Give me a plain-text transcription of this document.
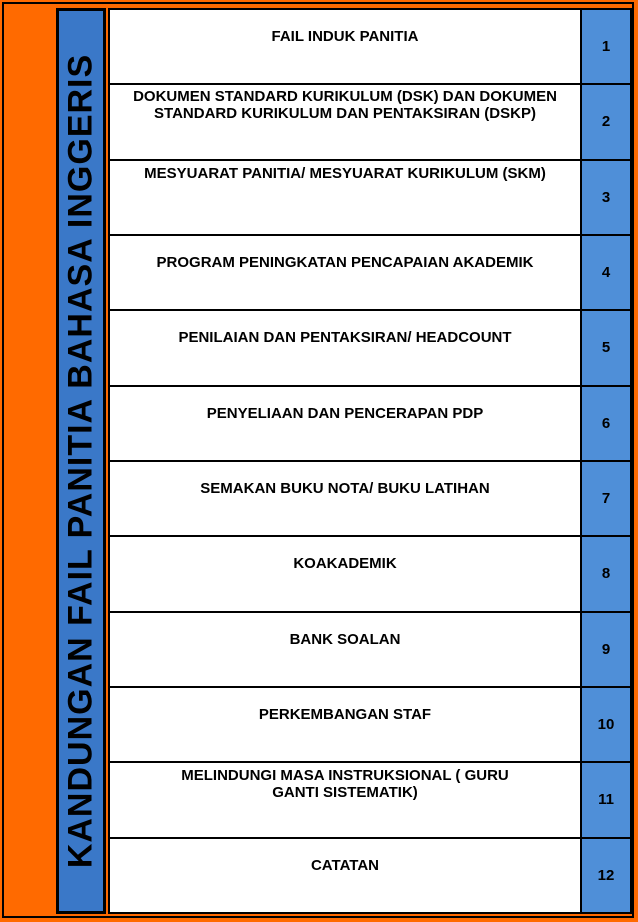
KANDUNGAN FAIL PANITIA BAHASA INGGERIS
FAIL INDUK PANITIA
1
DOKUMEN STANDARD KURIKULUM (DSK) DAN DOKUMEN STANDARD KURIKULUM DAN PENTAKSIRAN (DSKP)	2
MESYUARAT PANITIA/ MESYUARAT KURIKULUM (SKM)
3
PROGRAM PENINGKATAN PENCAPAIAN AKADEMIK
4
PENILAIAN DAN PENTAKSIRAN/ HEADCOUNT
5
PENYELIAAN DAN PENCERAPAN PDP
6
SEMAKAN BUKU NOTA/ BUKU LATIHAN
7
KOAKADEMIK
8
BANK SOALAN
9
PERKEMBANGAN STAF
10
MELINDUNGI MASA INSTRUKSIONAL ( GURU GANTI SISTEMATIK)	11
CATATAN
12
